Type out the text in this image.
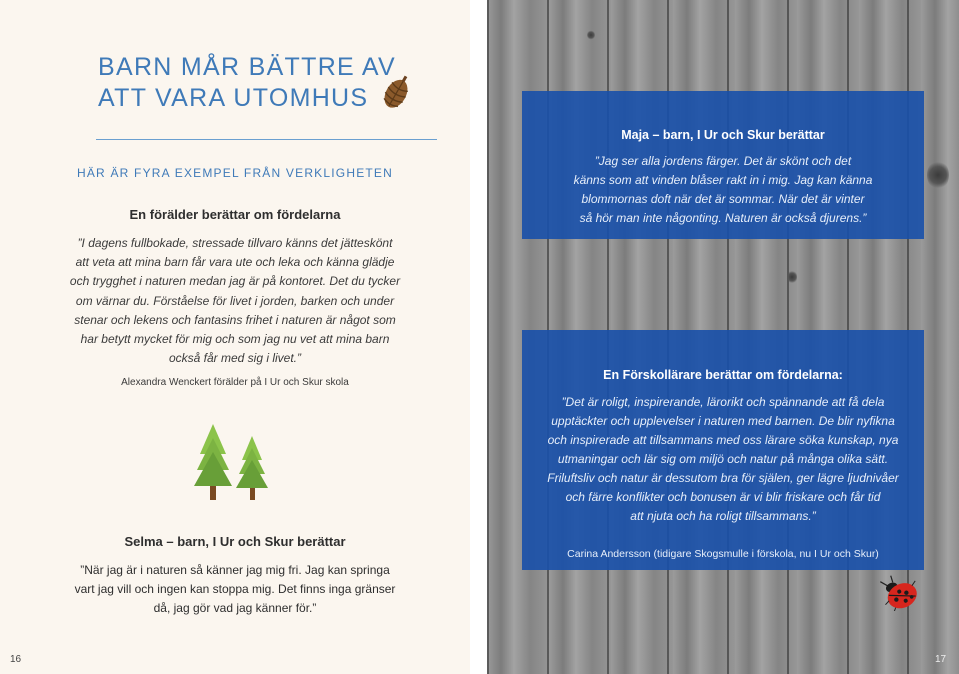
BARN MÅR BÄTTRE AV
ATT VARA UTOMHUS
HÄR ÄR FYRA EXEMPEL FRÅN VERKLIGHETEN
En förälder berättar om fördelarna
”I dagens fullbokade, stressade tillvaro känns det jätteskönt
att veta att mina barn får vara ute och leka och känna glädje
och trygghet i naturen medan jag är på kontoret. Det du tycker
om värnar du. Förståelse för livet i jorden, barken och under
stenar och lekens och fantasins frihet i naturen är något som
har betytt mycket för mig och som jag nu vet att mina barn
också får med sig i livet.”
Alexandra Wenckert förälder på I Ur och Skur skola
Selma – barn, I Ur och Skur berättar
”När jag är i naturen så känner jag mig fri. Jag kan springa
vart jag vill och ingen kan stoppa mig. Det finns inga gränser
då, jag gör vad jag känner för.”
16
Maja – barn, I Ur och Skur berättar
”Jag ser alla jordens färger. Det är skönt och det
känns som att vinden blåser rakt in i mig. Jag kan känna
blommornas doft när det är sommar. När det är vinter
så hör man inte någonting. Naturen är också djurens.”
En Förskollärare berättar om fördelarna:
”Det är roligt, inspirerande, lärorikt och spännande att få dela
upptäckter och upplevelser i naturen med barnen. De blir nyfikna
och inspirerade att tillsammans med oss lärare söka kunskap, nya
utmaningar och lär sig om miljö och natur på många olika sätt.
Friluftsliv och natur är dessutom bra för själen, ger lägre ljudnivåer
och färre konflikter och bonusen är vi blir friskare och får tid
att njuta och ha roligt tillsammans.”
Carina Andersson (tidigare Skogsmulle i förskola, nu I Ur och Skur)
17
